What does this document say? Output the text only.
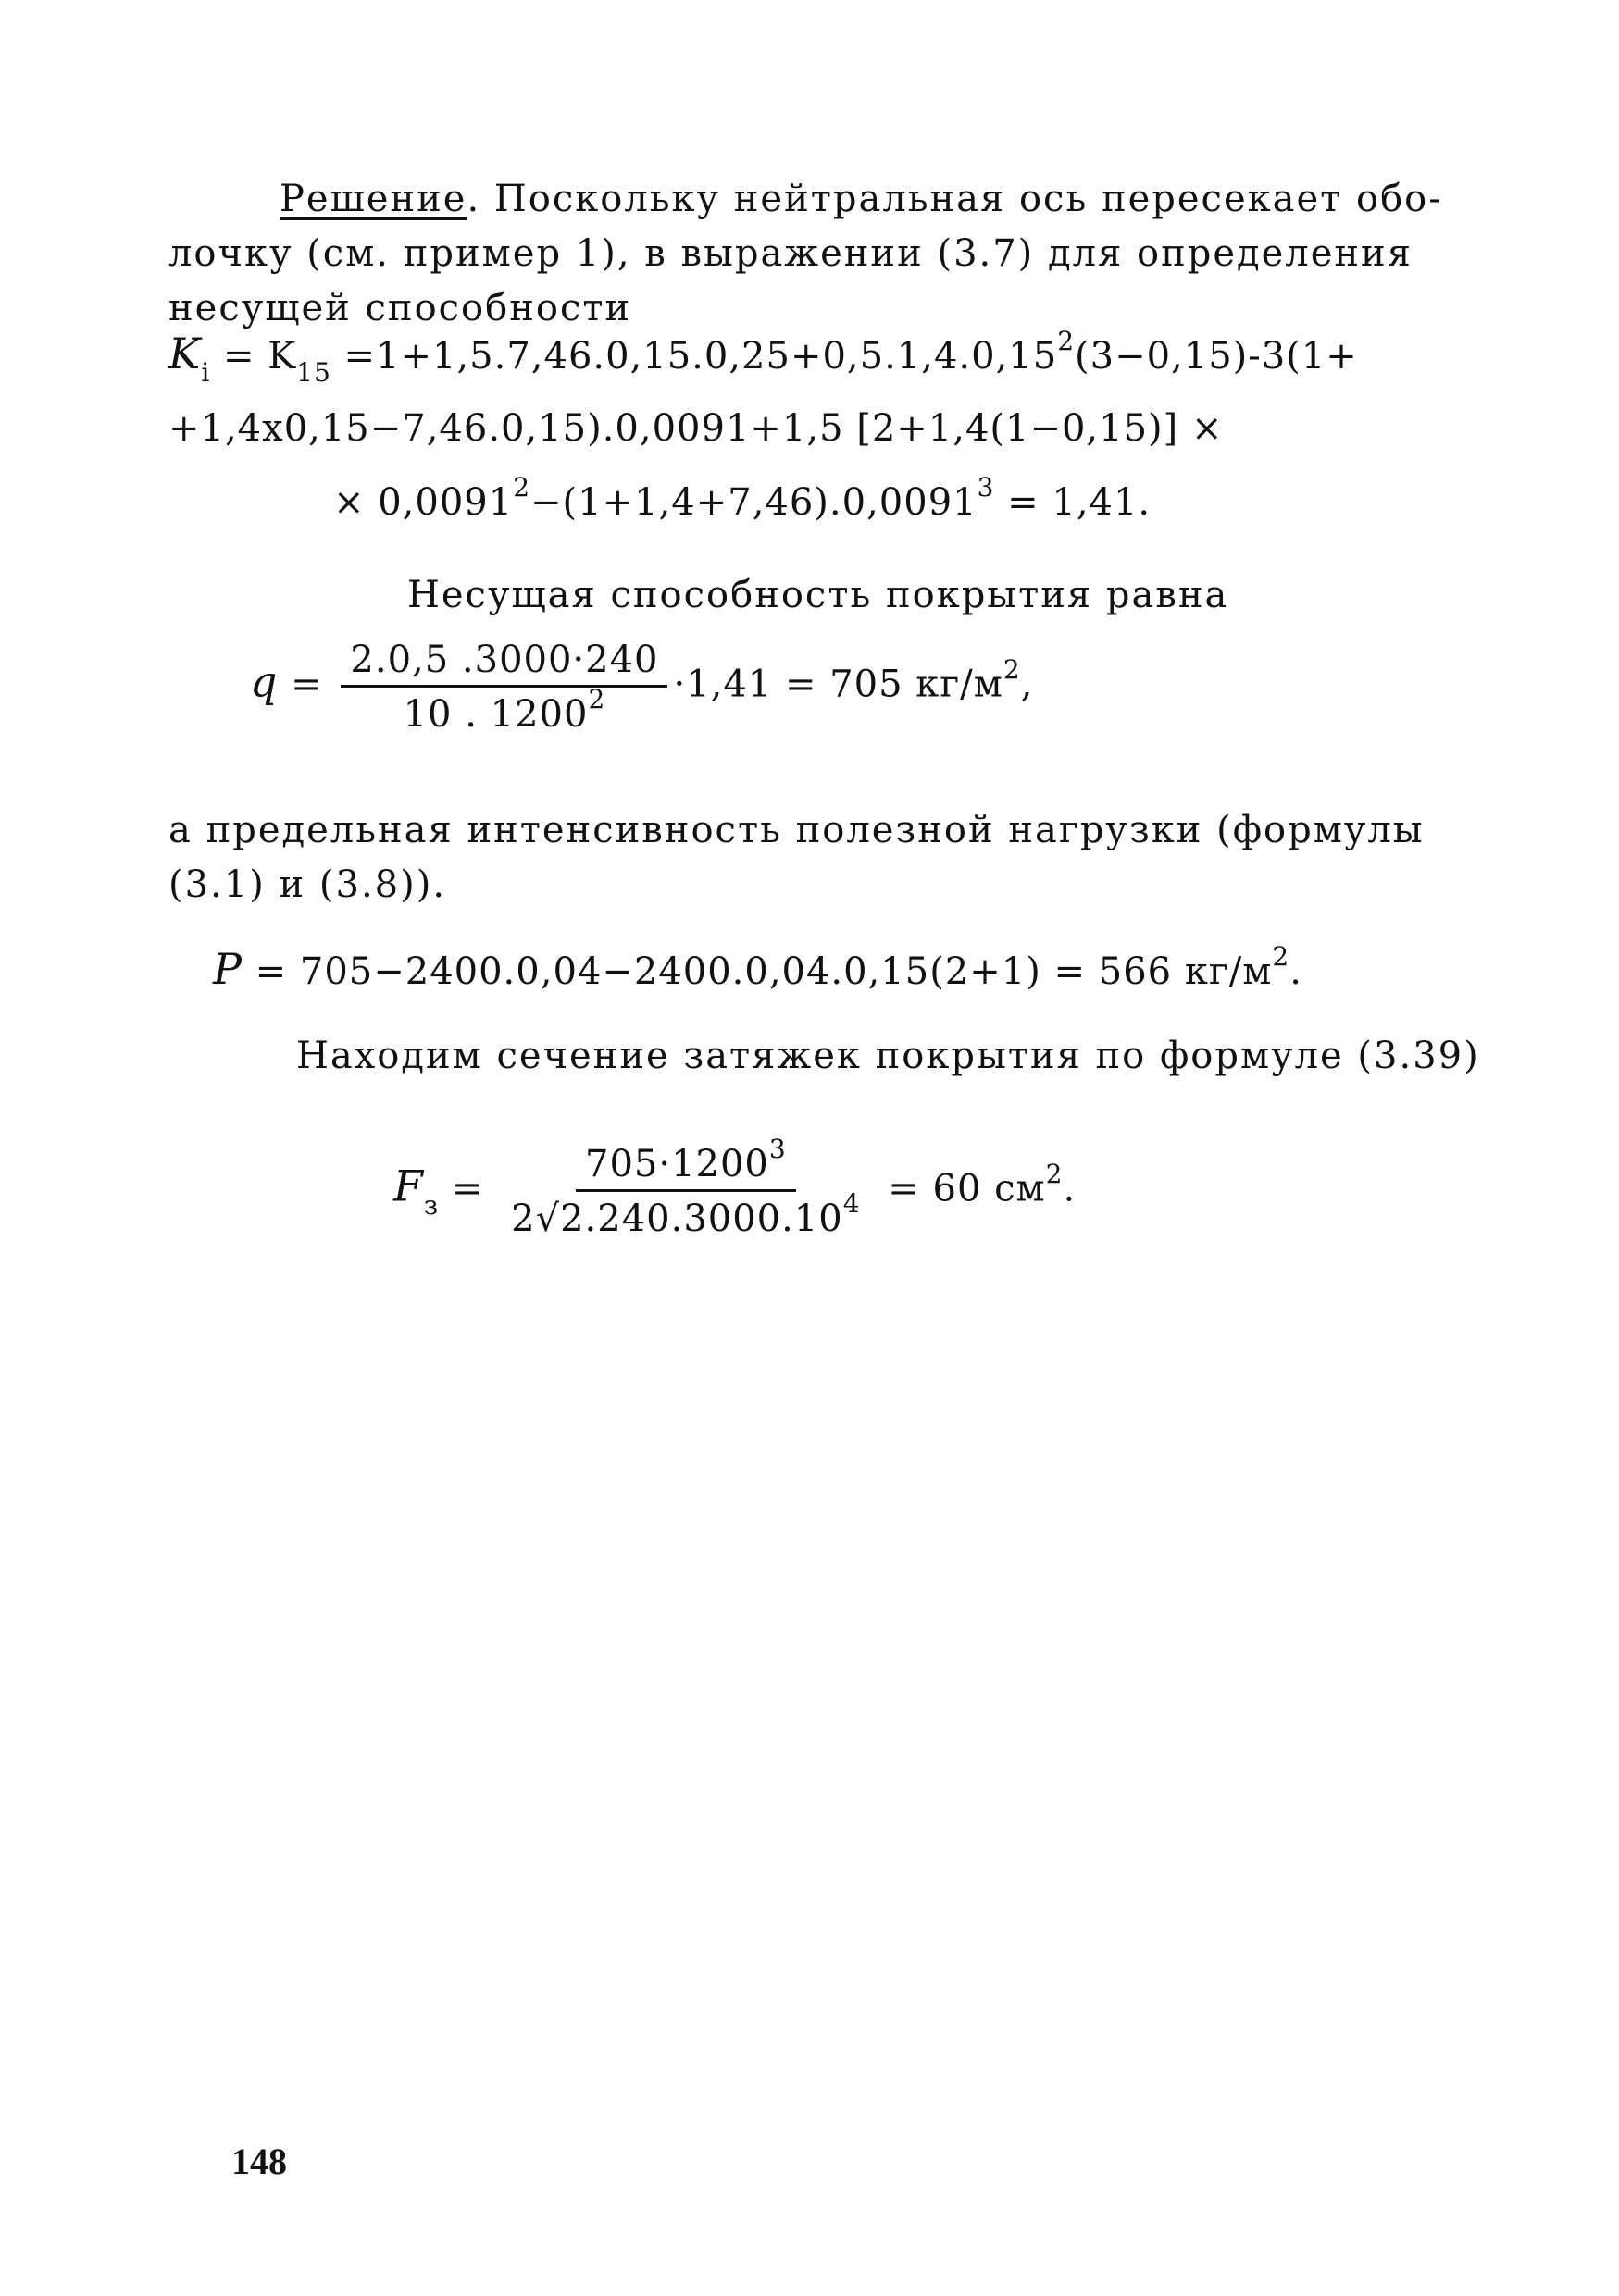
Решение. Поскольку нейтральная ось пересекает обо-лочку (см. пример 1), в выражении (3.7) для определения несущей способности
$K_i = K_{15} =1+1,5.7,46.0,15.0,25+0,5.1,4.0,15^2(3-0,15)-3(1+$
+1,4x0,15−7,46.0,15).0,0091+1,5 [2+1,4(1−0,15)] ×
× $0,0091^2-(1+1,4+7,46).0,0091^3 = 1,41$.
Несущая способность покрытия равна
$q = \frac{2.0,5 .3000\cdot 240}{10 . 1200^2} \cdot 1,41 = 705$ $кг/м^2$,
а предельная интенсивность полезной нагрузки (формулы (3.1) и (3.8)).
P = 705−2400.0,04−2400.0,04.0,15(2+1) = 566 $кг/м^2$.
Находим сечение затяжек покрытия по формуле (3.39)
$F_з = \frac{705\cdot 1200^3}{2√2.240.3000.10^4} = 60$ $см^2$.
148
